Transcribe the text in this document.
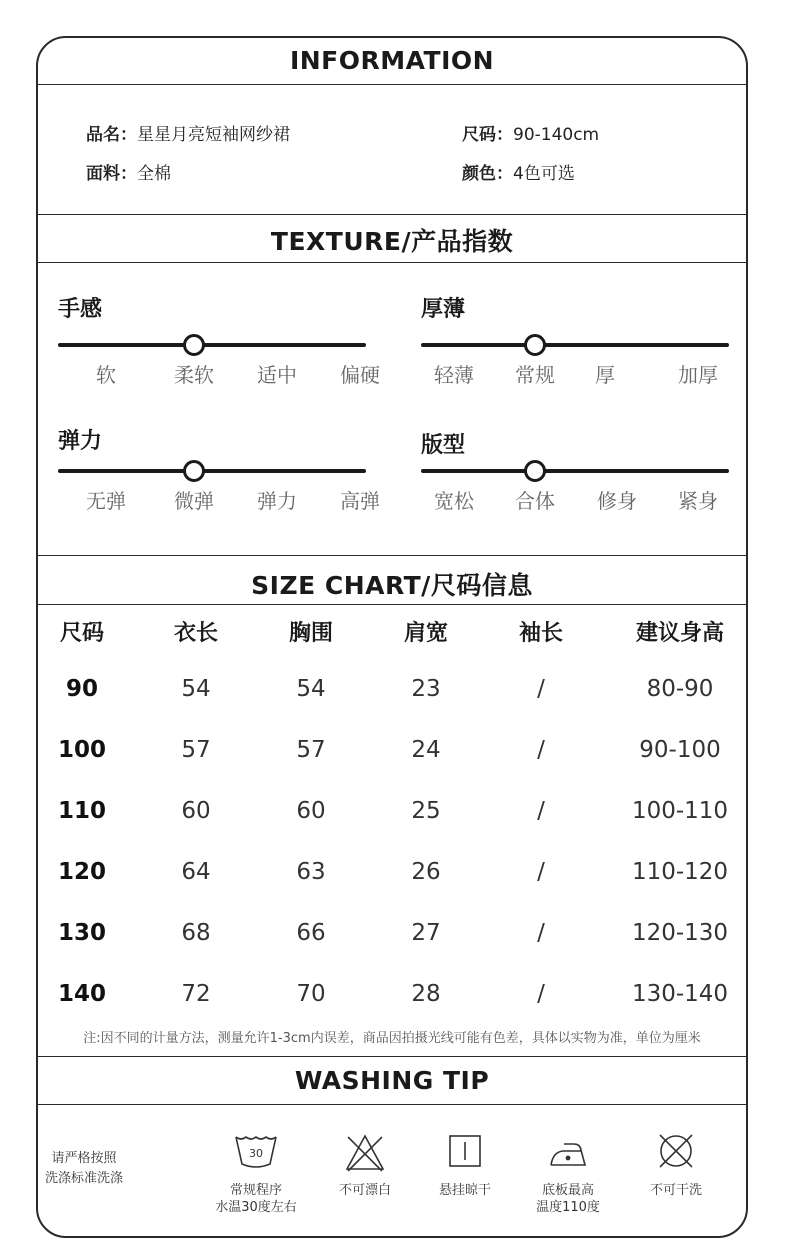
INFORMATION
品名：星星月亮短袖网纱裙	尺码：90-140cm
面料：全棉	颜色：4色可选
TEXTURE/产品指数
手感
软	柔软	适中	偏硬
厚薄
轻薄	常规	厚	加厚
弹力
无弹	微弹	弹力	高弹
版型
宽松	合体	修身	紧身
SIZE CHART/尺码信息
尺码	衣长	胸围	肩宽	袖长	建议身高
90	54	54	23	/	80-90
100	57	57	24	/	90-100
110	60	60	25	/	100-110
120	64	63	26	/	110-120
130	68	66	27	/	120-130
140	72	70	28	/	130-140
注:因不同的计量方法，测量允许1-3cm内误差，商品因拍摄光线可能有色差，具体以实物为准，单位为厘米
WASHING TIP
请严格按照
洗涤标准洗涤
30
常规程序
水温30度左右
不可漂白	悬挂晾干	底板最高
温度110度
不可干洗
